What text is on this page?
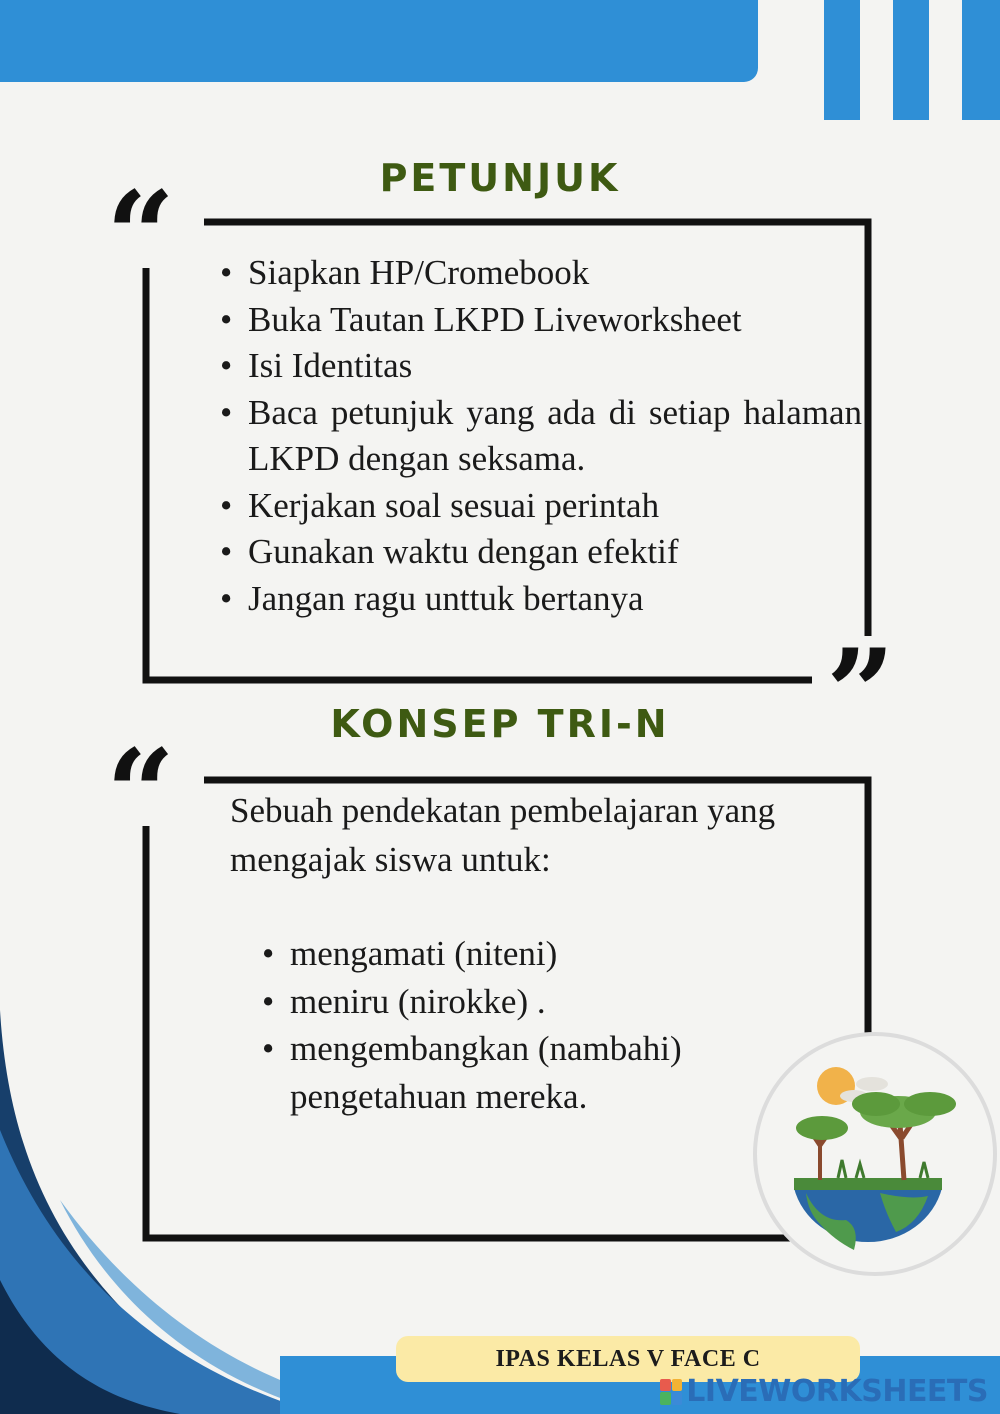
PETUNJUK
“
”
• Siapkan HP/Cromebook
• Buka Tautan LKPD Liveworksheet
• Isi Identitas
• Baca petunjuk yang ada di setiap halaman LKPD dengan seksama.
• Kerjakan soal sesuai perintah
• Gunakan waktu dengan efektif
• Jangan ragu unttuk bertanya
KONSEP TRI-N
“ Sebuah pendekatan pembelajaran yang mengajak siswa untuk:
• mengamati (niteni)
• meniru (nirokke) .
• mengembangkan (nambahi) pengetahuan mereka.
IPAS KELAS V FACE C
LIVEWORKSHEETS
